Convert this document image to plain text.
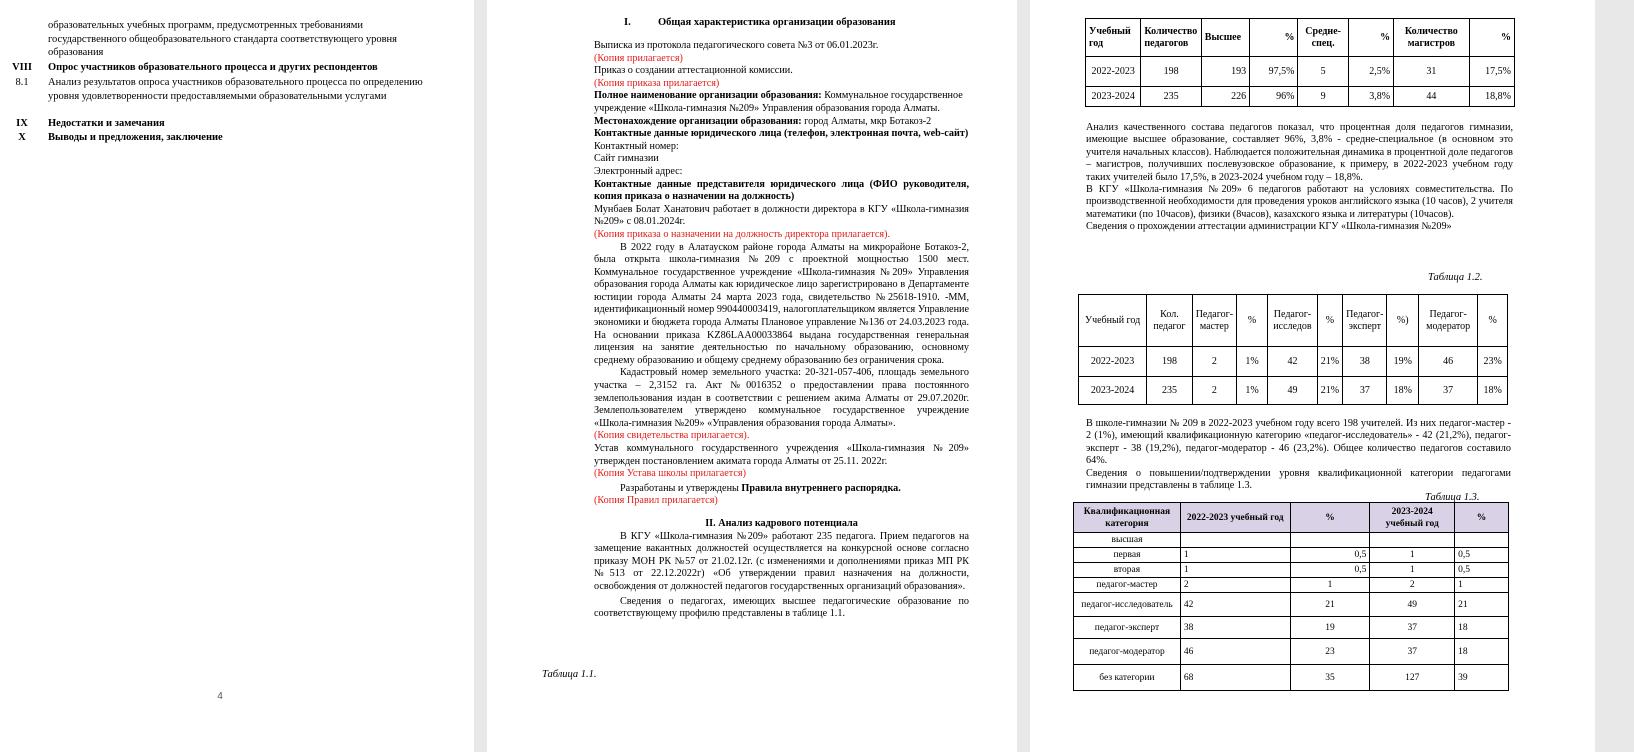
образовательных учебных программ, предусмотренных требованиями
государственного общеобразовательного стандарта соответствующего уровня
образования
VIII	Опрос участников образовательного процесса и других респондентов
8.1	Анализ результатов опроса участников образовательного процесса по определению уровня удовлетворенности предоставляемыми образовательными услугами
IX	Недостатки и замечания
X	Выводы и предложения, заключение
4
I.	Общая характеристика организации образования
Выписка из протокола педагогического совета №3 от 06.01.2023г.
(Копия прилагается)
Приказ о создании аттестационной комиссии.
(Копия приказа прилагается)
Полное наименование организации образования: Коммунальное государственное учреждение «Школа-гимназия №209» Управления образования города Алматы.
Местонахождение организации образования: город Алматы, мкр Ботакоз-2
Контактные данные юридического лица (телефон, электронная почта, web-сайт)
Контактный номер:
Сайт гимназии
Электронный адрес:
Контактные данные представителя юридического лица (ФИО руководителя, копия приказа о назначении на должность)
Мунбаев Болат Ханатович работает в должности директора в КГУ «Школа-гимназия №209» с 08.01.2024г.
(Копия приказа о назначении на должность директора прилагается).
В 2022 году в Алатауском районе города Алматы на микрорайоне Ботакоз-2, была открыта школа-гимназия №209 с проектной мощностью 1500 мест. Коммунальное государственное учреждение «Школа-гимназия №209» Управления образования города Алматы как юридическое лицо зарегистрировано в Департаменте юстиции города Алматы 24 марта 2023 года, свидетельство №25618-1910. -ММ, идентификационный номер 990440003419, налогоплательщиком является Управление экономики и бюджета города Алматы Плановое управление №136 от 24.03.2023 года. На основании приказа KZ86LAA00033864 выдана государственная генеральная лицензия на занятие деятельностью по начальному образованию, основному среднему образованию и общему среднему образованию без ограничения срока.
Кадастровый номер земельного участка: 20-321-057-406, площадь земельного участка – 2,3152 га. Акт №0016352 о предоставлении права постоянного землепользования издан в соответствии с решением акима Алматы от 29.07.2020г. Землепользователем утверждено коммунальное государственное учреждение «Школа-гимназия №209» «Управления образования города Алматы».
(Копия свидетельства прилагается).
Устав коммунального государственного учреждения «Школа-гимназия №209» утвержден постановлением акимата города Алматы от 25.11. 2022г.
(Копия Устава школы прилагается)
Разработаны и утверждены Правила внутреннего распорядка.
(Копия Правил прилагается)
II. Анализ кадрового потенциала
В КГУ «Школа-гимназия №209» работают 235 педагога. Прием педагогов на замещение вакантных должностей осуществляется на конкурсной основе согласно приказу МОН РК №57 от 21.02.12г. (с изменениями и дополнениями приказ МП РК №513 от 22.12.2022г) «Об утверждении правил назначения на должности, освобождения от должностей педагогов государственных организаций образования».
Сведения о педагогах, имеющих высшее педагогические образование по соответствующему профилю представлены в таблице 1.1.
Таблица 1.1.
Учебный год	Количество педагогов	Высшее	%	Средне-спец.	%	Количество магистров	%
2022-2023	198	193	97,5%	5	2,5%	31	17,5%
2023-2024	235	226	96%	9	3,8%	44	18,8%
Анализ качественного состава педагогов показал, что процентная доля педагогов гимназии, имеющие высшее образование, составляет 96%, 3,8% - средне-специальное (в основном это учителя начальных классов). Наблюдается положительная динамика в процентной доле педагогов – магистров, получивших послевузовское образование, к примеру, в 2022-2023 учебном году таких учителей было 17,5%, в 2023-2024 учебном году – 18,8%.
В КГУ «Школа-гимназия №209» 6 педагогов работают на условиях совместительства. По производственной необходимости для проведения уроков английского языка (10 часов), 2 учителя математики (по 10часов), физики (8часов), казахского языка и литературы (10часов).
Сведения о прохождении аттестации администрации КГУ «Школа-гимназия №209»
Таблица 1.2.
Учебный год	Кол. педагог	Педагог-мастер	%	Педагог-исследов	%	Педагог-эксперт	%)	Педагог-модератор	%
2022-2023	198	2	1%	42	21%	38	19%	46	23%
2023-2024	235	2	1%	49	21%	37	18%	37	18%
В школе-гимназии № 209 в 2022-2023 учебном году всего 198 учителей. Из них педагог-мастер - 2 (1%), имеющий квалификационную категорию «педагог-исследователь» - 42 (21,2%), педагог-эксперт - 38 (19,2%), педагог-модератор - 46 (23,2%). Общее количество педагогов составило 64%.
Сведения о повышении/подтверждении уровня квалификационной категории педагогами гимназии представлены в таблице 1.3.
Таблица 1.3.
Квалификационная категория	2022-2023 учебный год	%	2023-2024 учебный год	%
высшая				
первая	1	0,5	1	0,5
вторая	1	0,5	1	0,5
педагог-мастер	2	1	2	1
педагог-исследователь	42	21	49	21
педагог-эксперт	38	19	37	18
педагог-модератор	46	23	37	18
без категории	68	35	127	39
